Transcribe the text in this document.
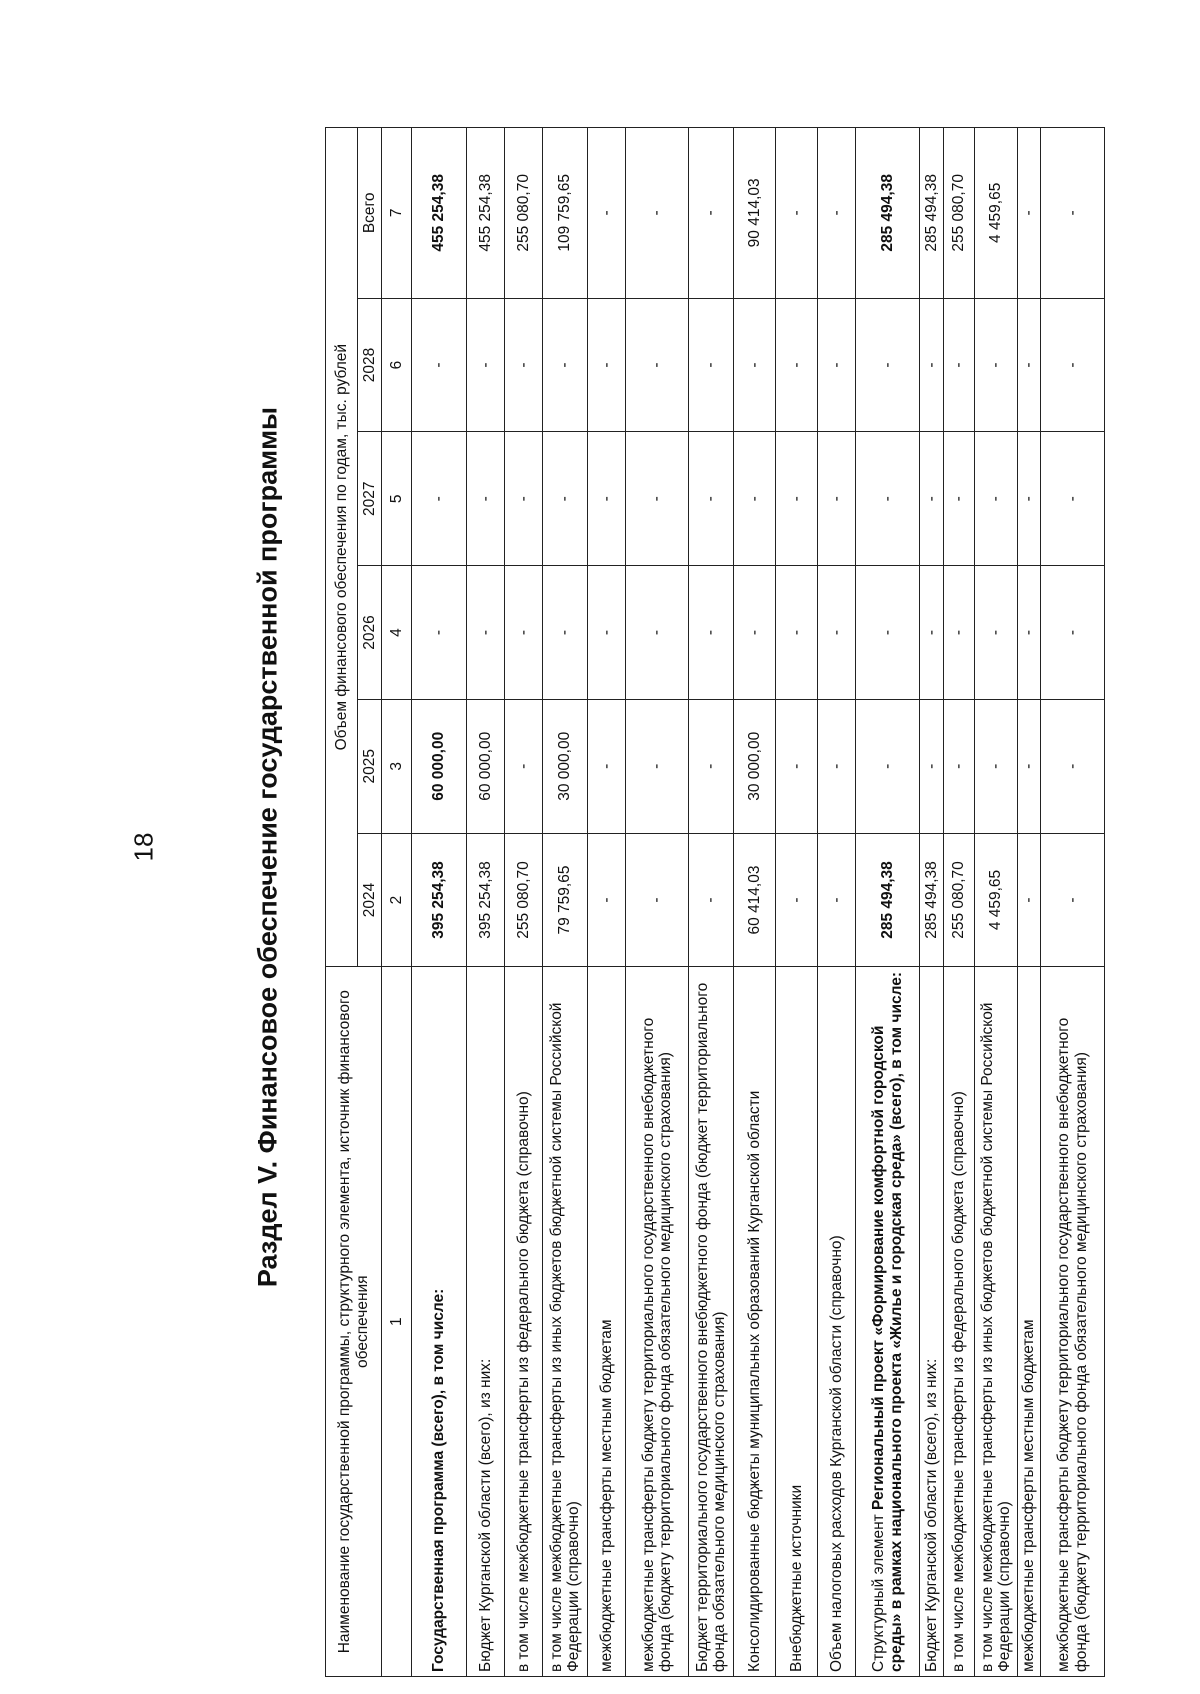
18	Раздел V. Финансовое обеспечение государственной программы
Наименование государственной программы, структурного элемента, источник финансового обеспечения	Объем финансового обеспечения по годам, тыс. рублей					
	2024	2025	2026	2027	2028	Всего
1	2	3	4	5	6	7
Государственная программа (всего), в том числе:	395 254,38	60 000,00	-	-	-	455 254,38
Бюджет Курганской области (всего), из них:	395 254,38	60 000,00	-	-	-	455 254,38
в том числе межбюджетные трансферты из федерального бюджета (справочно)	255 080,70	-	-	-	-	255 080,70
в том числе межбюджетные трансферты из иных бюджетов бюджетной системы Российской Федерации (справочно)	79 759,65	30 000,00	-	-	-	109 759,65
межбюджетные трансферты местным бюджетам	-	-	-	-	-	-
межбюджетные трансферты бюджету территориального государственного внебюджетного фонда (бюджету территориального фонда обязательного медицинского страхования)	-	-	-	-	-	-
Бюджет территориального государственного внебюджетного фонда (бюджет территориального фонда обязательного медицинского страхования)	-	-	-	-	-	-
Консолидированные бюджеты муниципальных образований Курганской области	60 414,03	30 000,00	-	-	-	90 414,03
Внебюджетные источники	-	-	-	-	-	-
Объем налоговых расходов Курганской области (справочно)	-	-	-	-	-	-
Структурный элемент Региональный проект «Формирование комфортной городской среды» в рамках национального проекта «Жилье и городская среда» (всего), в том числе:	285 494,38	-	-	-	-	285 494,38
Бюджет Курганской области (всего), из них:	285 494,38	-	-	-	-	285 494,38
в том числе межбюджетные трансферты из федерального бюджета (справочно)	255 080,70	-	-	-	-	255 080,70
в том числе межбюджетные трансферты из иных бюджетов бюджетной системы Российской Федерации (справочно)	4 459,65	-	-	-	-	4 459,65
межбюджетные трансферты местным бюджетам	-	-	-	-	-	-
межбюджетные трансферты бюджету территориального государственного внебюджетного фонда (бюджету территориального фонда обязательного медицинского страхования)	-	-	-	-	-	-
